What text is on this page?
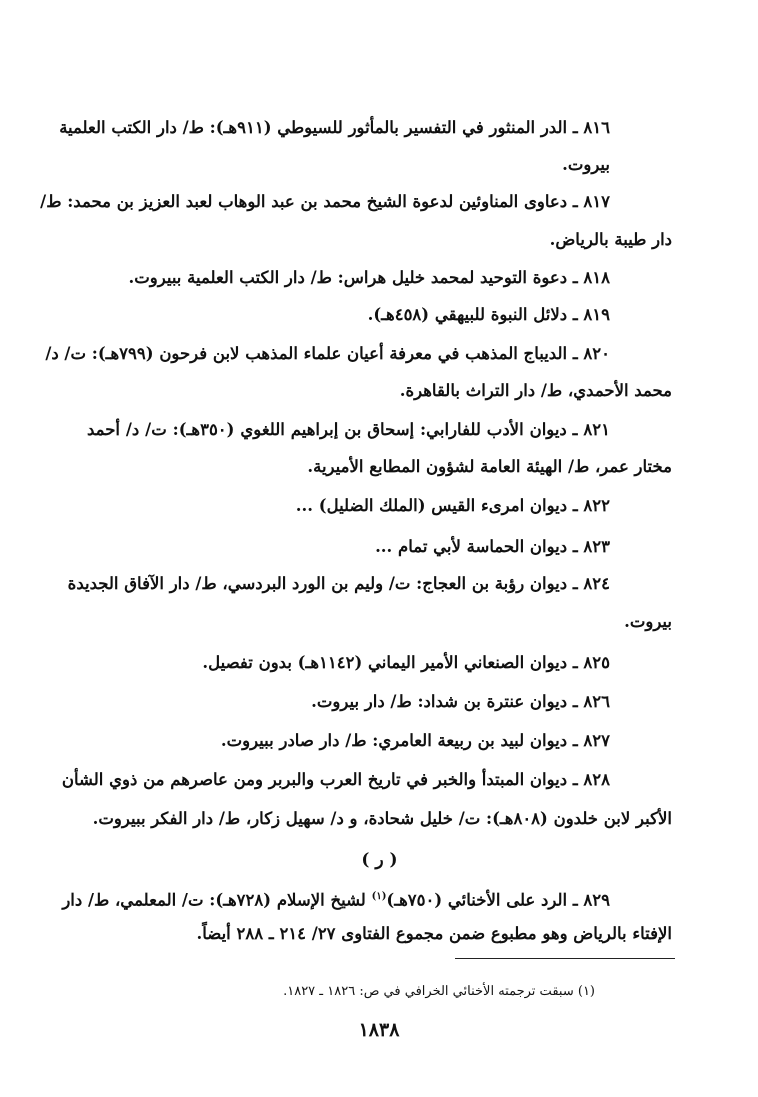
٨١٦ ـ الدر المنثور في التفسير بالمأثور للسيوطي (٩١١هـ): ط/ دار الكتب العلمية
بيروت.
٨١٧ ـ دعاوى المناوئين لدعوة الشيخ محمد بن عبد الوهاب لعبد العزيز بن محمد: ط/
دار طيبة بالرياض.
٨١٨ ـ دعوة التوحيد لمحمد خليل هراس: ط/ دار الكتب العلمية ببيروت.
٨١٩ ـ دلائل النبوة للبيهقي (٤٥٨هـ).
٨٢٠ ـ الديباج المذهب في معرفة أعيان علماء المذهب لابن فرحون (٧٩٩هـ): ت/ د/
محمد الأحمدي، ط/ دار التراث بالقاهرة.
٨٢١ ـ ديوان الأدب للفارابي: إسحاق بن إبراهيم اللغوي (٣٥٠هـ): ت/ د/ أحمد
مختار عمر، ط/ الهيئة العامة لشؤون المطابع الأميرية.
٨٢٢ ـ ديوان امرىء القيس (الملك الضليل) ...
٨٢٣ ـ ديوان الحماسة لأبي تمام ...
٨٢٤ ـ ديوان رؤبة بن العجاج: ت/ وليم بن الورد البردسي، ط/ دار الآفاق الجديدة
بيروت.
٨٢٥ ـ ديوان الصنعاني الأمير اليماني (١١٤٢هـ) بدون تفصيل.
٨٢٦ ـ ديوان عنترة بن شداد: ط/ دار بيروت.
٨٢٧ ـ ديوان لبيد بن ربيعة العامري: ط/ دار صادر ببيروت.
٨٢٨ ـ ديوان المبتدأ والخبر في تاريخ العرب والبربر ومن عاصرهم من ذوي الشأن
الأكبر لابن خلدون (٨٠٨هـ): ت/ خليل شحادة، و د/ سهيل زكار، ط/ دار الفكر ببيروت.
( ر )
٨٢٩ ـ الرد على الأخنائي (٧٥٠هـ)$^{(١)}$ لشيخ الإسلام (٧٢٨هـ): ت/ المعلمي، ط/ دار
الإفتاء بالرياض وهو مطبوع ضمن مجموع الفتاوى ٢٧/ ٢١٤ ـ ٢٨٨ أيضاً.
(١) سبقت ترجمته الأخنائي الخرافي في ص: ١٨٢٦ ـ ١٨٢٧.
١٨٣٨
